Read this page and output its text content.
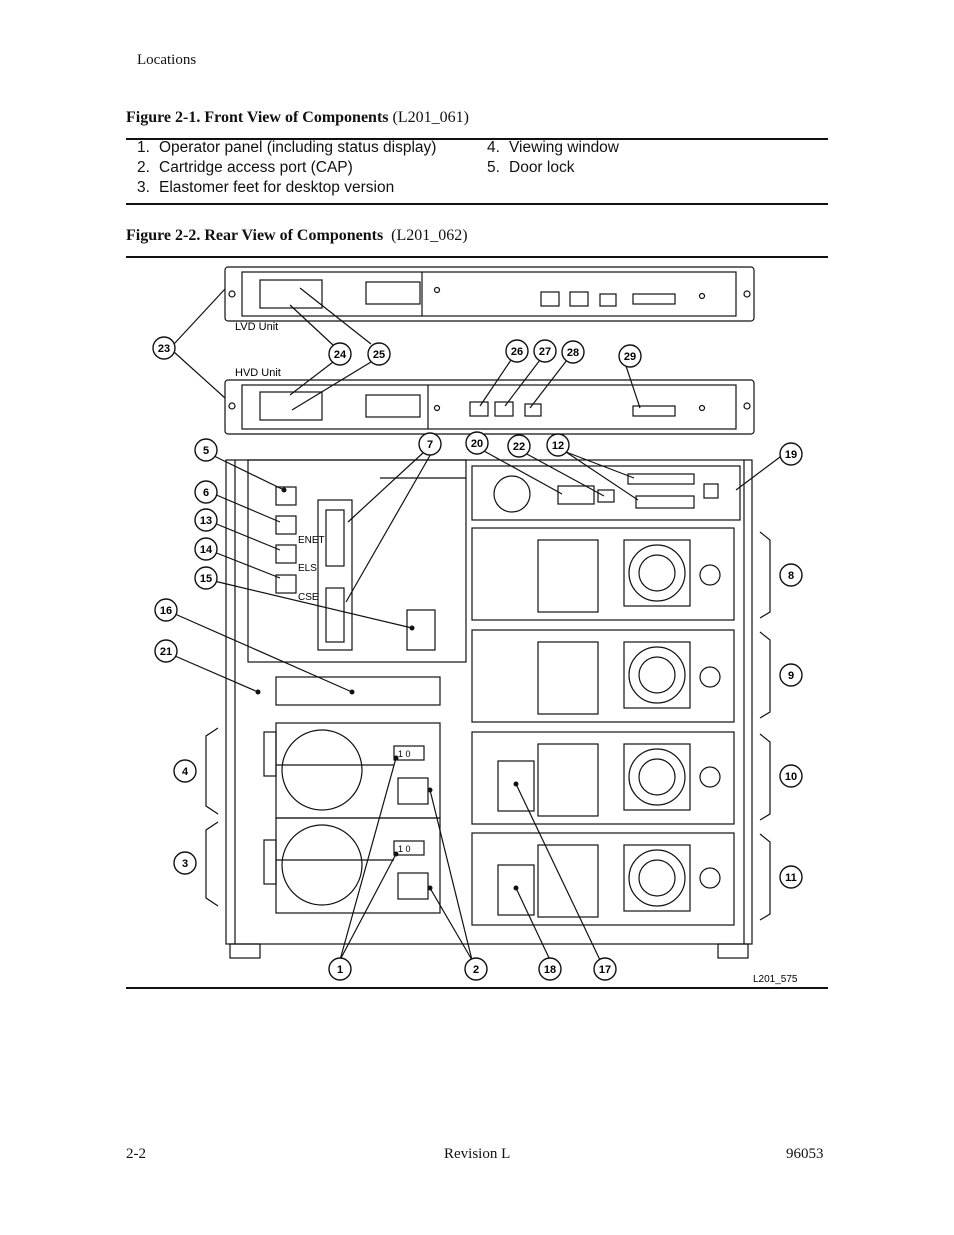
Locations
Figure 2-1. Front View of Components (L201_061)
1. Operator panel (including status display)
2. Cartridge access port (CAP)
3. Elastomer feet for desktop version
4. Viewing window
5. Door lock
Figure 2-2. Rear View of Components (L201_062)
LVD Unit
HVD Unit
ENET
ELS
CSE
1 0
1 0
L201_575
1	2
3
4
5
6
7
8
9
10
11
12
13
14
15
16
17
18
19
20
21
22
23	24 25	26 27 28	29
2-2	Revision L	96053
